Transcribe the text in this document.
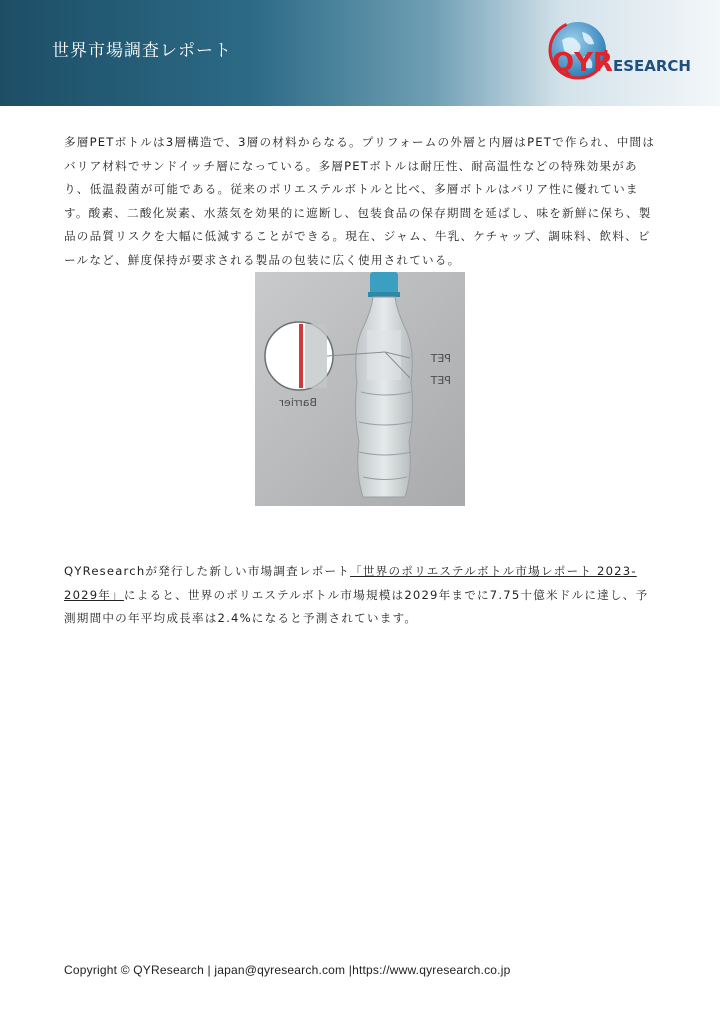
世界市場調査レポート	QYRESEARCH
多層PETボトルは3層構造で、3層の材料からなる。プリフォームの外層と内層はPETで作られ、中間はバリア材料でサンドイッチ層になっている。多層PETボトルは耐圧性、耐高温性などの特殊効果があり、低温殺菌が可能である。従来のポリエステルボトルと比べ、多層ボトルはバリア性に優れています。酸素、二酸化炭素、水蒸気を効果的に遮断し、包装食品の保存期間を延ばし、味を新鮮に保ち、製品の品質リスクを大幅に低減することができる。現在、ジャム、牛乳、ケチャップ、調味料、飲料、ビールなど、鮮度保持が要求される製品の包装に広く使用されている。
PET
PET
Barrier
QYResearchが発行した新しい市場調査レポート「世界のポリエステルボトル市場レポート 2023-2029年」によると、世界のポリエステルボトル市場規模は2029年までに7.75十億米ドルに達し、予測期間中の年平均成長率は2.4%になると予測されています。
Copyright © QYResearch | japan@qyresearch.com |https://www.qyresearch.co.jp
